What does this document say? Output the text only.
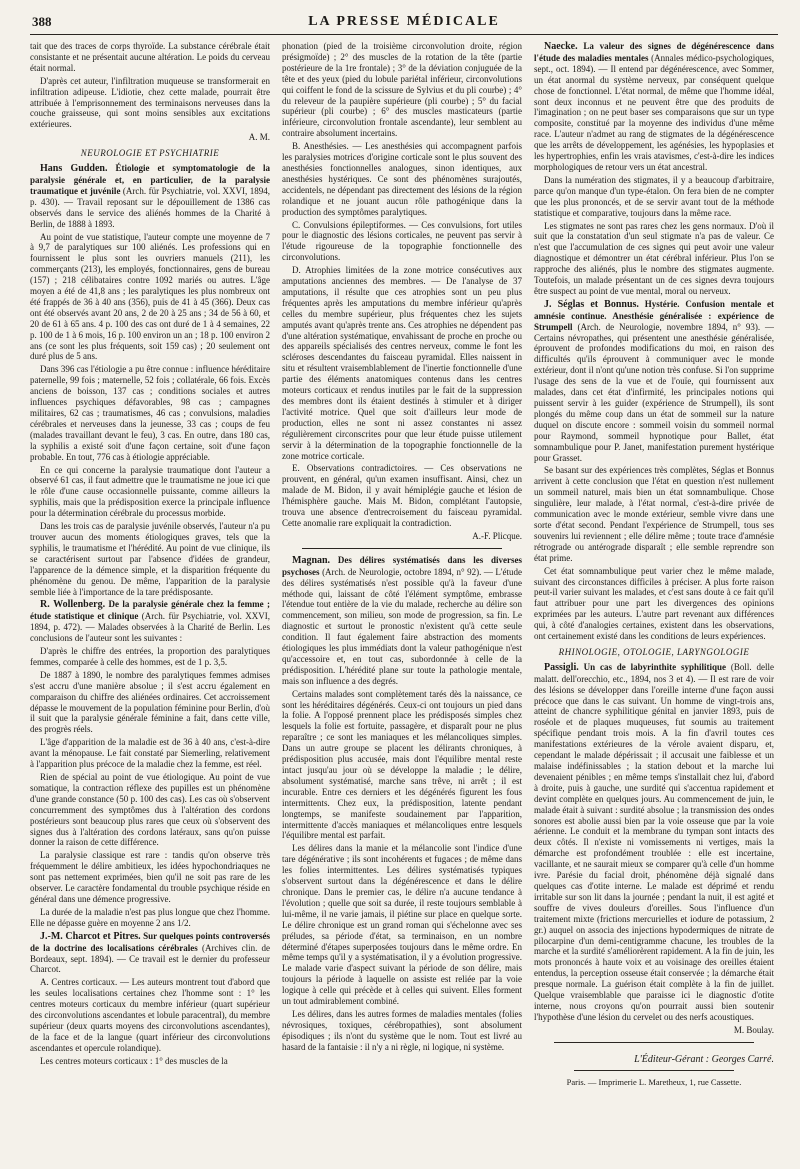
388	LA PRESSE MÉDICALE

tait que des traces de corps thyroïde. La substance cérébrale était consistante et ne présentait aucune altération. Le poids du cerveau était normal.

D'après cet auteur, l'infiltration muqueuse se transformerait en infiltration adipeuse. L'idiotie, chez cette malade, pourrait être attribuée à l'emprisonnement des terminaisons nerveuses dans la couche graisseuse, qui sont moins sensibles aux excitations extérieures.

A. M.
NEUROLOGIE ET PSYCHIATRIE

Hans Gudden. Étiologie et symptomatologie de la paralysie générale et, en particulier, de la paralysie traumatique et juvénile (Arch. für Psychiatrie, vol. XXVI, 1894, p. 430). — Travail reposant sur le dépouillement de 1386 cas observés dans le service des aliénés hommes de la Charité à Berlin, de 1888 à 1893.

Au point de vue statistique, l'auteur compte une moyenne de 7 à 9,7 de paralytiques sur 100 aliénés. Les professions qui en fournissent le plus sont les ouvriers manuels (211), les commerçants (213), les employés, fonctionnaires, gens de bureau (157) ; 218 célibataires contre 1092 mariés ou autres. L'âge moyen a été de 41,8 ans ; les paralytiques les plus nombreux ont été frappés de 36 à 40 ans (356), puis de 41 à 45 (366). Deux cas ont été observés avant 20 ans, 2 de 20 à 25 ans ; 34 de 56 à 60, et 20 de 61 à 65 ans. 4 p. 100 des cas ont duré de 1 à 4 semaines, 22 p. 100 de 1 à 6 mois, 16 p. 100 environ un an ; 18 p. 100 environ 2 ans (ce sont les plus fréquents, soit 159 cas) ; 20 seulement ont duré plus de 5 ans.

Dans 396 cas l'étiologie a pu être connue : influence héréditaire paternelle, 99 fois ; maternelle, 52 fois ; collatérale, 66 fois. Excès anciens de boisson, 137 cas ; conditions sociales et autres influences psychiques défavorables, 98 cas ; campagnes militaires, 62 cas ; traumatismes, 46 cas ; convulsions, maladies cérébrales et nerveuses dans la jeunesse, 33 cas ; coups de feu (malades travaillant devant le feu), 3 cas. En outre, dans 180 cas, la syphilis a existé soit d'une façon certaine, soit d'une façon probable. En tout, 776 cas à étiologie appréciable.

En ce qui concerne la paralysie traumatique dont l'auteur a observé 61 cas, il faut admettre que le traumatisme ne joue ici que le rôle d'une cause occasionnelle puissante, comme ailleurs la syphilis, mais que la prédisposition exerce la principale influence pour la détermination cérébrale du processus morbide.

Dans les trois cas de paralysie juvénile observés, l'auteur n'a pu trouver aucun des moments étiologiques graves, tels que la syphilis, le traumatisme et l'hérédité. Au point de vue clinique, ils se caractérisent surtout par l'absence d'idées de grandeur, l'apparence de la démence simple, et la disparition fréquente du phénomène du genou. De même, l'apparition de la paralysie semble liée à l'importance de la tare prédisposante.

R. Wollenberg. De la paralysie générale chez la femme ; étude statistique et clinique (Arch. für Psychiatrie, vol. XXVI, 1894, p. 472). — Malades observées à la Charité de Berlin. Les conclusions de l'auteur sont les suivantes :

D'après le chiffre des entrées, la proportion des paralytiques femmes, comparée à celle des hommes, est de 1 p. 3,5.

De 1887 à 1890, le nombre des paralytiques femmes admises s'est accru d'une manière absolue ; il s'est accru également en comparaison du chiffre des aliénées ordinaires. Cet accroissement dépasse le mouvement de la population féminine pour Berlin, d'où il suit que la paralysie générale féminine a fait, dans cette ville, des progrès réels.

L'âge d'apparition de la maladie est de 36 à 40 ans, c'est-à-dire avant la ménopause. Le fait constaté par Siemerling, relativement à l'apparition plus précoce de la maladie chez la femme, est réel.

Rien de spécial au point de vue étiologique. Au point de vue somatique, la contraction réflexe des pupilles est un phénomène d'une grande constance (50 p. 100 des cas). Les cas où s'observent concurremment des symptômes dus à l'altération des cordons postérieurs sont beaucoup plus rares que ceux où s'observent des signes dus à l'altération des cordons latéraux, sans qu'on puisse donner la raison de cette différence.

La paralysie classique est rare : tandis qu'on observe très fréquemment le délire ambitieux, les idées hypochondriaques ne sont pas nettement exprimées, bien qu'il ne soit pas rare de les observer. Le caractère fondamental du trouble psychique réside en général dans une démence progressive.

La durée de la maladie n'est pas plus longue que chez l'homme. Elle ne dépasse guère en moyenne 2 ans 1/2.

J.-M. Charcot et Pitres. Sur quelques points controversés de la doctrine des localisations cérébrales (Archives clin. de Bordeaux, sept. 1894). — Ce travail est le dernier du professeur Charcot.

A. Centres corticaux. — Les auteurs montrent tout d'abord que les seules localisations certaines chez l'homme sont : 1° les centres moteurs corticaux du membre inférieur (quart supérieur des circonvolutions ascendantes et lobule paracentral), du membre supérieur (deux quarts moyens des circonvolutions ascendantes), de la face et de la langue (quart inférieur des circonvolutions ascendantes et opercule rolandique).

Les centres moteurs corticaux : 1° des muscles de la

phonation (pied de la troisième circonvolution droite, région présigmoïde) ; 2° des muscles de la rotation de la tête (partie postérieure de la 1re frontale) ; 3° de la déviation conjuguée de la tête et des yeux (pied du lobule pariétal inférieur, circonvolutions qui coiffent le fond de la scissure de Sylvius et du pli courbe) ; 4° du releveur de la paupière supérieure (pli courbe) ; 5° du facial supérieur (pli courbe) ; 6° des muscles masticateurs (partie inférieure, circonvolution frontale ascendante), leur semblent au contraire absolument incertains.

B. Anesthésies. — Les anesthésies qui accompagnent parfois les paralysies motrices d'origine corticale sont le plus souvent des anesthésies fonctionnelles analogues, sinon identiques, aux anesthésies hystériques. Ce sont des phénomènes surajoutés, accidentels, ne dépendant pas directement des lésions de la région rolandique et ne jouant aucun rôle pathogénique dans la production des symptômes paralytiques.

C. Convulsions épileptiformes. — Ces convulsions, fort utiles pour le diagnostic des lésions corticales, ne peuvent pas servir à l'étude rigoureuse de la topographie fonctionnelle des circonvolutions.

D. Atrophies limitées de la zone motrice consécutives aux amputations anciennes des membres. — De l'analyse de 37 amputations, il résulte que ces atrophies sont un peu plus fréquentes après les amputations du membre inférieur qu'après celles du membre supérieur, plus fréquentes chez les sujets amputés avant qu'après trente ans. Ces atrophies ne dépendent pas d'une altération systématique, envahissant de proche en proche ou des appareils spécialisés des centres nerveux, comme le font les scléroses descendantes du faisceau pyramidal. Elles naissent in situ et résultent vraisemblablement de l'inertie fonctionnelle d'une partie des éléments anatomiques contenus dans les centres moteurs corticaux et rendus inutiles par le fait de la suppression des membres dont ils étaient destinés à stimuler et à diriger l'activité motrice. Quel que soit d'ailleurs leur mode de production, elles ne sont ni assez constantes ni assez régulièrement circonscrites pour que leur étude puisse utilement servir à la détermination de la topographie fonctionnelle de la zone motrice corticale.

E. Observations contradictoires. — Ces observations ne prouvent, en général, qu'un examen insuffisant. Ainsi, chez un malade de M. Bidon, il y avait hémiplégie gauche et lésion de l'hémisphère gauche. Mais M. Bidon, complétant l'autopsie, trouva une absence d'entrecroisement du faisceau pyramidal. Cette anomalie rare expliquait la contradiction.

A.-F. Plicque.

Magnan. Des délires systématisés dans les diverses psychoses (Arch. de Neurologie, octobre 1894, n° 92). — L'étude des délires systématisés n'est possible qu'à la faveur d'une méthode qui, laissant de côté l'élément symptôme, embrasse l'étendue tout entière de la vie du malade, recherche au délire son commencement, son milieu, son mode de progression, sa fin. Le diagnostic et surtout le pronostic n'existent qu'à cette seule condition. Il faut également faire abstraction des moments étiologiques les plus immédiats dont la valeur pathogénique n'est qu'accessoire et, en tout cas, subordonnée à celle de la prédisposition. L'hérédité plane sur toute la pathologie mentale, mais son influence a des degrés.

Certains malades sont complètement tarés dès la naissance, ce sont les héréditaires dégénérés. Ceux-ci ont toujours un pied dans la folie. A l'opposé prennent place les prédisposés simples chez lesquels la folie est fortuite, passagère, et disparaît pour ne plus reparaître ; ce sont les maniaques et les mélancoliques simples. Dans un autre groupe se placent les délirants chroniques, à prédisposition plus accusée, mais dont l'équilibre mental reste intact jusqu'au jour où se développe la maladie ; le délire, absolument systématisé, marche sans trêve, ni arrêt ; il est incurable. Entre ces derniers et les dégénérés figurent les fous intermittents. Chez eux, la prédisposition, latente pendant longtemps, se manifeste soudainement par l'apparition, intermittente d'accès maniaques et mélancoliques entre lesquels l'équilibre mental est parfait.

Les délires dans la manie et la mélancolie sont l'indice d'une tare dégénérative ; ils sont incohérents et fugaces ; de même dans les folies intermittentes. Les délires systématisés typiques s'observent surtout dans la dégénérescence et dans le délire chronique. Dans le premier cas, le délire n'a aucune tendance à l'évolution ; quelle que soit sa durée, il reste toujours semblable à lui-même, il ne varie jamais, il piétine sur place en quelque sorte. Le délire chronique est un grand roman qui s'échelonne avec ses préludes, sa période d'état, sa terminaison, en un nombre déterminé d'étapes superposées toujours dans le même ordre. En même temps qu'il y a systématisation, il y a évolution progressive. Le malade varie d'aspect suivant la période de son délire, mais toujours la période à laquelle on assiste est reliée par la voie logique à celle qui précède et à celles qui suivent. Elles forment un tout admirablement combiné.

Les délires, dans les autres formes de maladies mentales (folies névrosiques, toxiques, cérébropathies), sont absolument épisodiques ; ils n'ont du système que le nom. Tout est livré au hasard de la fantaisie : il n'y a ni règle, ni logique, ni système.

Naecke. La valeur des signes de dégénérescence dans l'étude des maladies mentales (Annales médico-psychologiques, sept., oct. 1894). — Il entend par dégénérescence, avec Sommer, un état anormal du système nerveux, par conséquent quelque chose de fonctionnel. L'état normal, de même que l'homme idéal, sont deux inconnus et ne peuvent être que des produits de l'imagination ; on ne peut baser ses comparaisons que sur un type composite, constitué par la moyenne des individus d'une même race. L'auteur n'admet au rang de stigmates de la dégénérescence que les arrêts de développement, les agénésies, les hypoplasies et les hypertrophies, enfin les vrais atavismes, c'est-à-dire les indices morphologiques de retour vers un état ancestral.

Dans la numération des stigmates, il y a beaucoup d'arbitraire, parce qu'on manque d'un type-étalon. On fera bien de ne compter que les plus prononcés, et de se servir avant tout de la méthode statistique et comparative, toujours dans la même race.

Les stigmates ne sont pas rares chez les gens normaux. D'où il suit que la constatation d'un seul stigmate n'a pas de valeur. Ce n'est que l'accumulation de ces signes qui peut avoir une valeur diagnostique et démontrer un état cérébral inférieur. Plus l'on se rapproche des aliénés, plus le nombre des stigmates augmente. Toutefois, un malade présentant un de ces signes devra toujours être suspect au point de vue mental, moral ou nerveux.

J. Séglas et Bonnus. Hystérie. Confusion mentale et amnésie continue. Anesthésie généralisée : expérience de Strumpell (Arch. de Neurologie, novembre 1894, n° 93). — Certains névropathes, qui présentent une anesthésie généralisée, éprouvent de profondes modifications du moi, en raison des difficultés qu'ils éprouvent à communiquer avec le monde extérieur, dont il n'ont qu'une notion très confuse. Si l'on supprime l'usage des sens de la vue et de l'ouïe, qui fournissent aux malades, dans cet état d'infirmité, les principales notions qui puissent servir à les guider (expérience de Strumpell), ils sont plongés du même coup dans un état de sommeil sur la nature duquel on discute encore : sommeil voisin du sommeil normal pour Raymond, sommeil hypnotique pour Ballet, état somnambulique pour P. Janet, manifestation purement hystérique pour Grasset.

Se basant sur des expériences très complètes, Séglas et Bonnus arrivent à cette conclusion que l'état en question n'est nullement un sommeil naturel, mais bien un état somnambulique. Chose singulière, leur malade, à l'état normal, c'est-à-dire privée de communication avec le monde extérieur, semble vivre dans une sorte d'état second. Pendant l'expérience de Strumpell, tous ses souvenirs lui reviennent ; elle délire même ; toute trace d'amnésie rétrograde ou antérograde disparaît ; elle semble reprendre son état prime.

Cet état somnambulique peut varier chez le même malade, suivant des circonstances difficiles à préciser. A plus forte raison peut-il varier suivant les malades, et c'est sans doute à ce fait qu'il faut attribuer pour une part les divergences des opinions exprimées par les auteurs. L'autre part revenant aux différences qui, à côté d'analogies certaines, existent dans les observations, ont certainement existé dans les conditions de leurs expériences.

RHINOLOGIE, OTOLOGIE, LARYNGOLOGIE

Passigli. Un cas de labyrinthite syphilitique (Boll. delle malatt. dell'orecchio, etc., 1894, nos 3 et 4). — Il est rare de voir des lésions se développer dans l'oreille interne d'une façon aussi précoce que dans le cas suivant. Un homme de vingt-trois ans, atteint de chancre syphilitique génital en janvier 1893, puis de roséole et de plaques muqueuses, fut soumis au traitement spécifique pendant trois mois. A la fin d'avril toutes ces manifestations extérieures de la vérole avaient disparu, et, cependant le malade dépérissait ; il accusait une faiblesse et un malaise indéfinissables ; la station debout et la marche lui devenaient pénibles ; en même temps s'installait chez lui, d'abord à droite, puis à gauche, une surdité qui s'accentua rapidement et devint complète en quelques jours. Au commencement de juin, le malade était à suivant : surdité absolue ; la transmission des ondes sonores est abolie aussi bien par la voie osseuse que par la voie aérienne. Le conduit et la membrane du tympan sont intacts des deux côtés. Il n'existe ni vomissements ni vertiges, mais la démarche est profondément troublée : elle est incertaine, vacillante, et ne saurait mieux se comparer qu'à celle d'un homme ivre. Parésie du facial droit, phénomène déjà signalé dans quelques cas d'otite interne. Le malade est déprimé et rendu irritable sur son lit dans la journée ; pendant la nuit, il est agité et souffre de vives douleurs d'oreilles. Sous l'influence d'un traitement mixte (frictions mercurielles et iodure de potassium, 2 gr.) auquel on associa des injections hypodermiques de nitrate de pilocarpine d'un demi-centigramme chacune, les troubles de la marche et la surdité s'améliorèrent rapidement. A la fin de juin, les mots prononcés à haute voix et au voisinage des oreilles étaient entendus, la perception osseuse était conservée ; la démarche était presque normale. La guérison était complète à la fin de juillet. Quelque vraisemblable que paraisse ici le diagnostic d'otite interne, nous croyons qu'on pourrait aussi bien soutenir l'hypothèse d'une lésion du cervelet ou des nerfs acoustiques.

M. Boulay.
L'Éditeur-Gérant : Georges Carré.
Paris. — Imprimerie L. Maretheux, 1, rue Cassette.
